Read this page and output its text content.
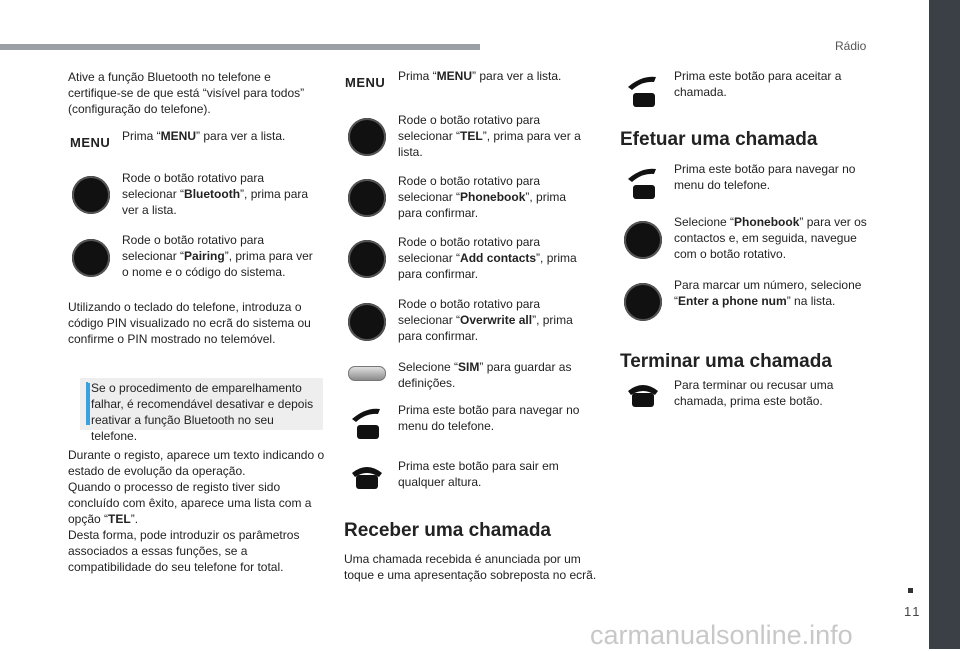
Rádio
11
carmanualsonline.info
Ative a função Bluetooth no telefone e certifique-se de que está “visível para todos” (configuração do telefone).
MENU Prima “MENU” para ver a lista.
Rode o botão rotativo para selecionar “Bluetooth”, prima para ver a lista.
Rode o botão rotativo para selecionar “Pairing”, prima para ver o nome e o código do sistema.
Utilizando o teclado do telefone, introduza o código PIN visualizado no ecrã do sistema ou confirme o PIN mostrado no telemóvel.
Se o procedimento de emparelhamento falhar, é recomendável desativar e depois reativar a função Bluetooth no seu telefone.
Durante o registo, aparece um texto indicando o estado de evolução da operação.
Quando o processo de registo tiver sido concluído com êxito, aparece uma lista com a opção “TEL”.
Desta forma, pode introduzir os parâmetros associados a essas funções, se a compatibilidade do seu telefone for total.
MENU Prima “MENU” para ver a lista.
Rode o botão rotativo para selecionar “TEL”, prima para ver a lista.
Rode o botão rotativo para selecionar “Phonebook”, prima para confirmar.
Rode o botão rotativo para selecionar “Add contacts”, prima para confirmar.
Rode o botão rotativo para selecionar “Overwrite all”, prima para confirmar.
Selecione “SIM” para guardar as definições.
Prima este botão para navegar no menu do telefone.
Prima este botão para sair em qualquer altura.
Receber uma chamada
Uma chamada recebida é anunciada por um toque e uma apresentação sobreposta no ecrã.
Prima este botão para aceitar a chamada.
Efetuar uma chamada
Prima este botão para navegar no menu do telefone.
Selecione “Phonebook” para ver os contactos e, em seguida, navegue com o botão rotativo.
Para marcar um número, selecione “Enter a phone num” na lista.
Terminar uma chamada
Para terminar ou recusar uma chamada, prima este botão.
